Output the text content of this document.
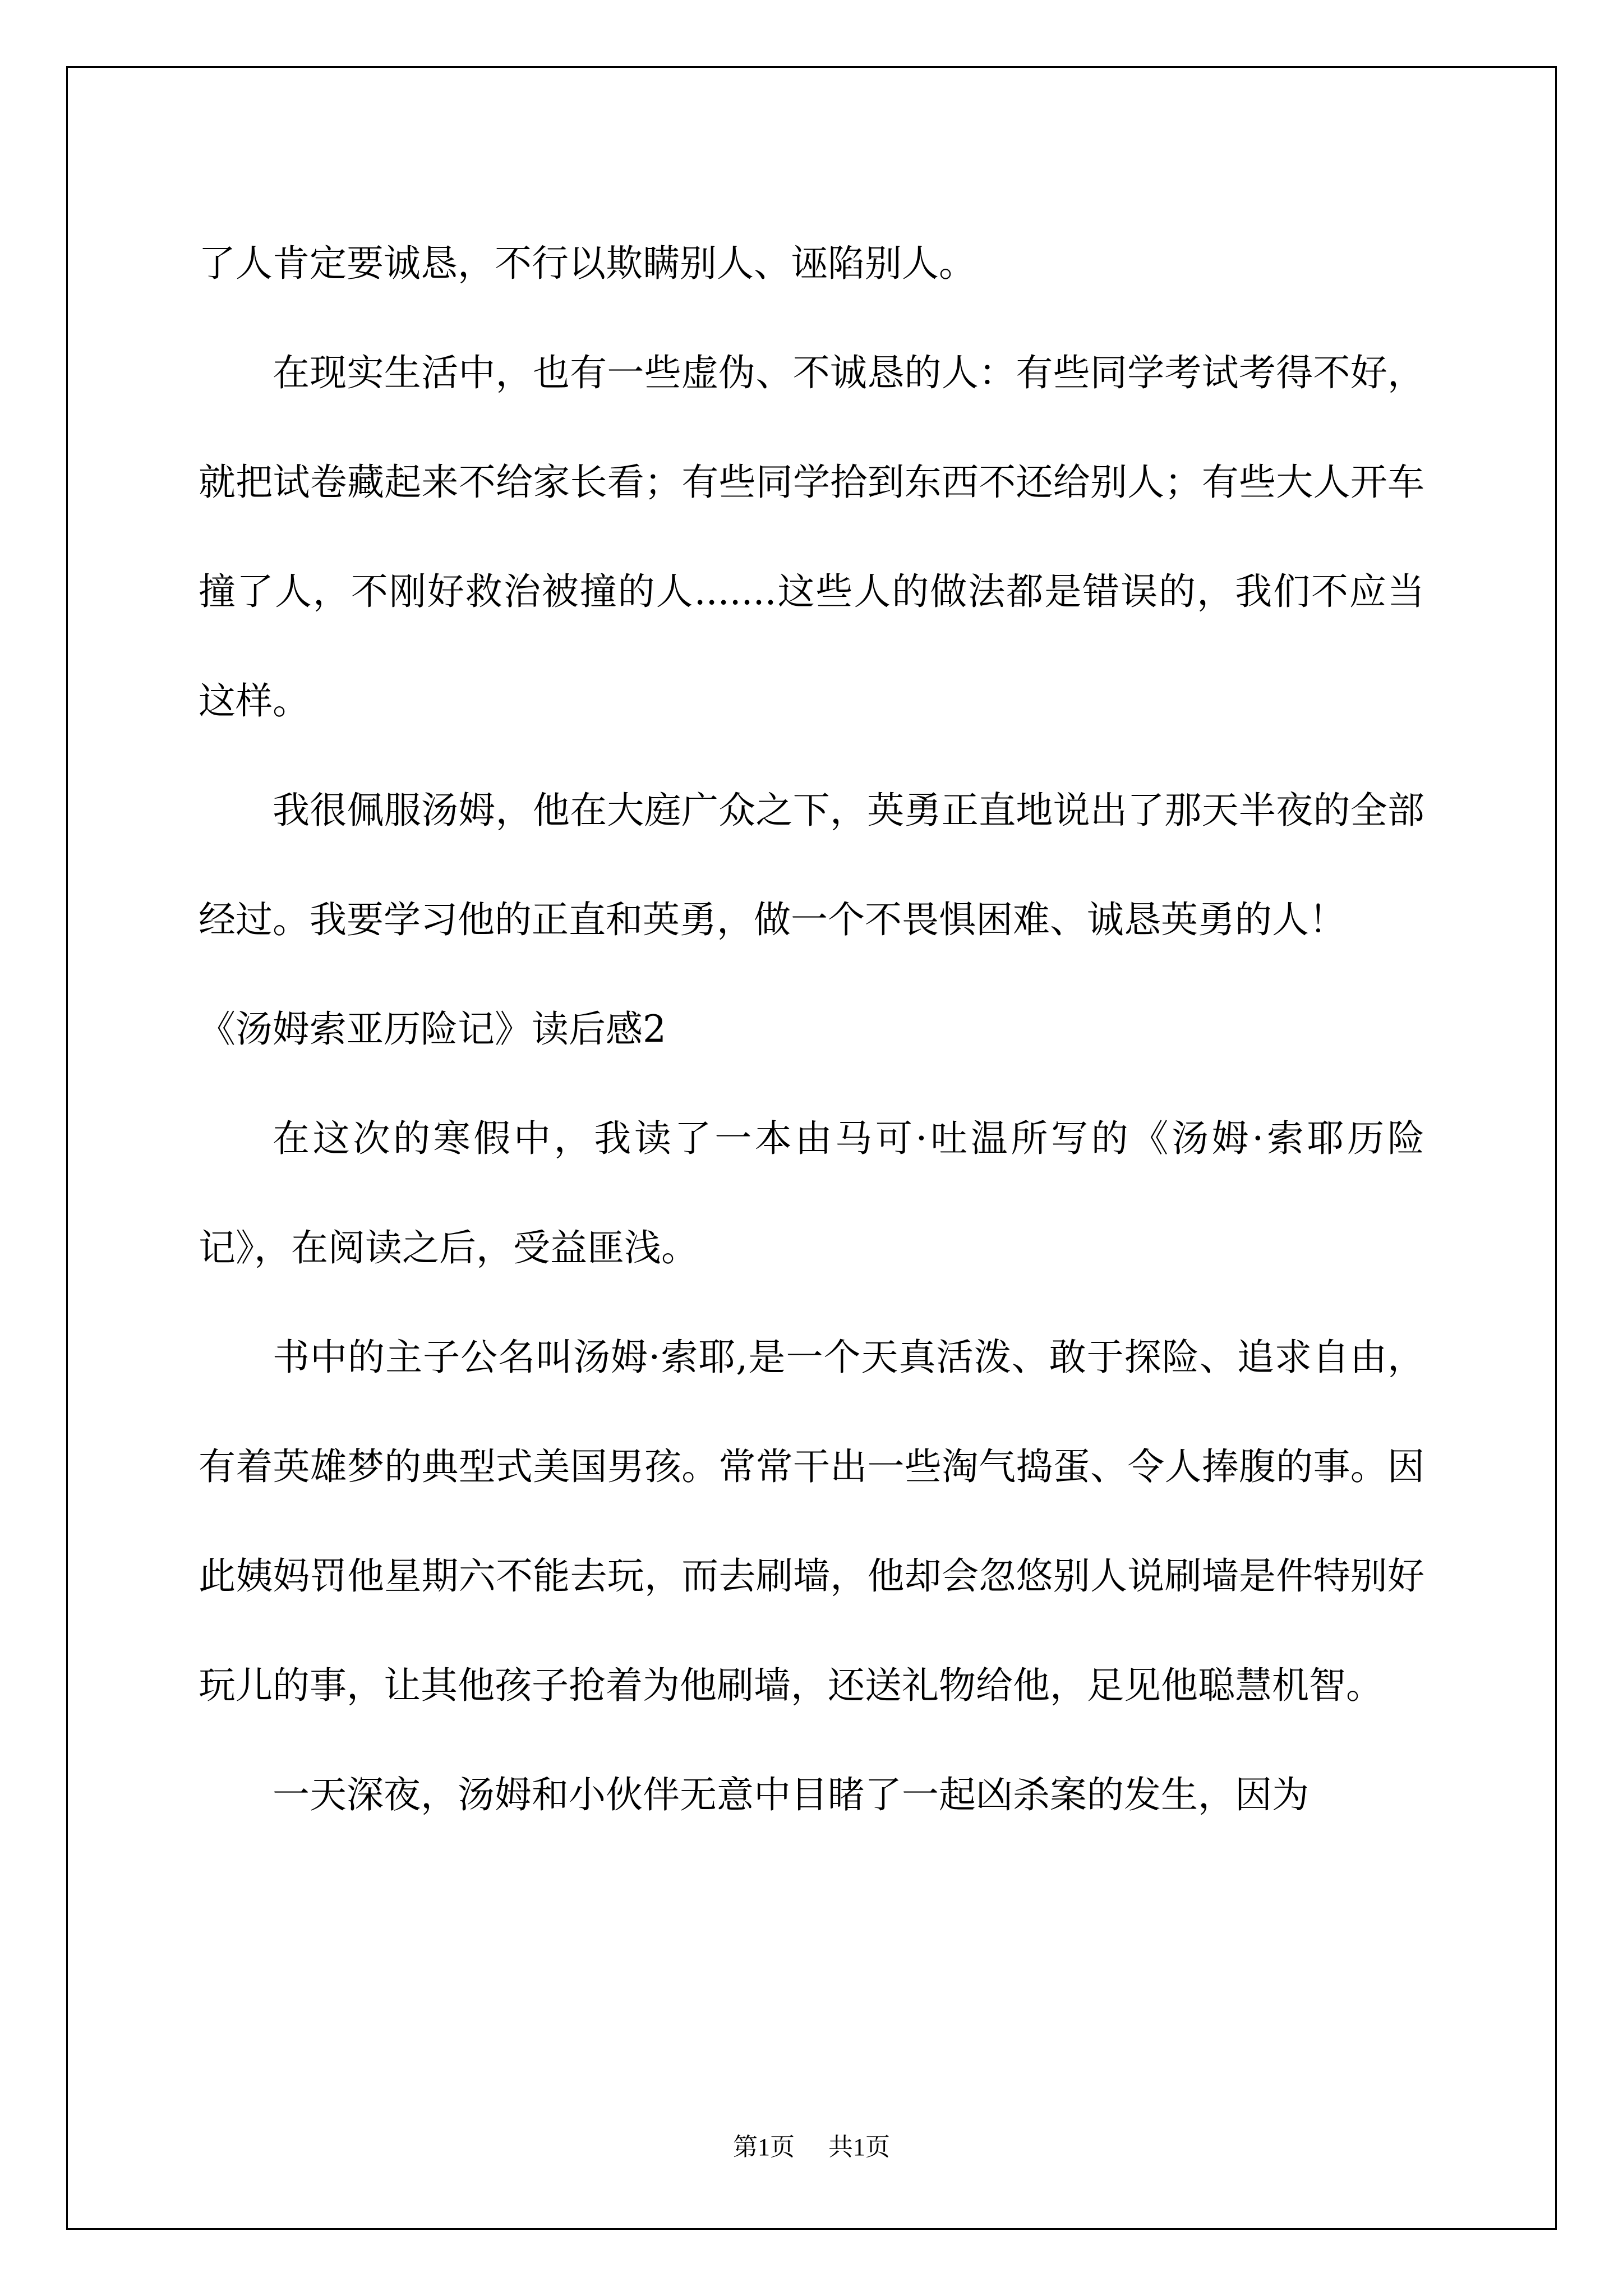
了人肯定要诚恳，不行以欺瞒别人、诬陷别人。

在现实生活中，也有一些虚伪、不诚恳的人：有些同学考试考得不好，就把试卷藏起来不给家长看；有些同学拾到东西不还给别人；有些大人开车撞了人，不刚好救治被撞的人.......这些人的做法都是错误的，我们不应当这样。

我很佩服汤姆，他在大庭广众之下，英勇正直地说出了那天半夜的全部经过。我要学习他的正直和英勇，做一个不畏惧困难、诚恳英勇的人！

《汤姆索亚历险记》读后感2

在这次的寒假中，我读了一本由马可·吐温所写的《汤姆·索耶历险记》，在阅读之后，受益匪浅。

书中的主子公名叫汤姆·索耶,是一个天真活泼、敢于探险、追求自由，有着英雄梦的典型式美国男孩。常常干出一些淘气捣蛋、令人捧腹的事。因此姨妈罚他星期六不能去玩，而去刷墙，他却会忽悠别人说刷墙是件特别好玩儿的事，让其他孩子抢着为他刷墙，还送礼物给他，足见他聪慧机智。

一天深夜，汤姆和小伙伴无意中目睹了一起凶杀案的发生，因为

第1页 共1页
